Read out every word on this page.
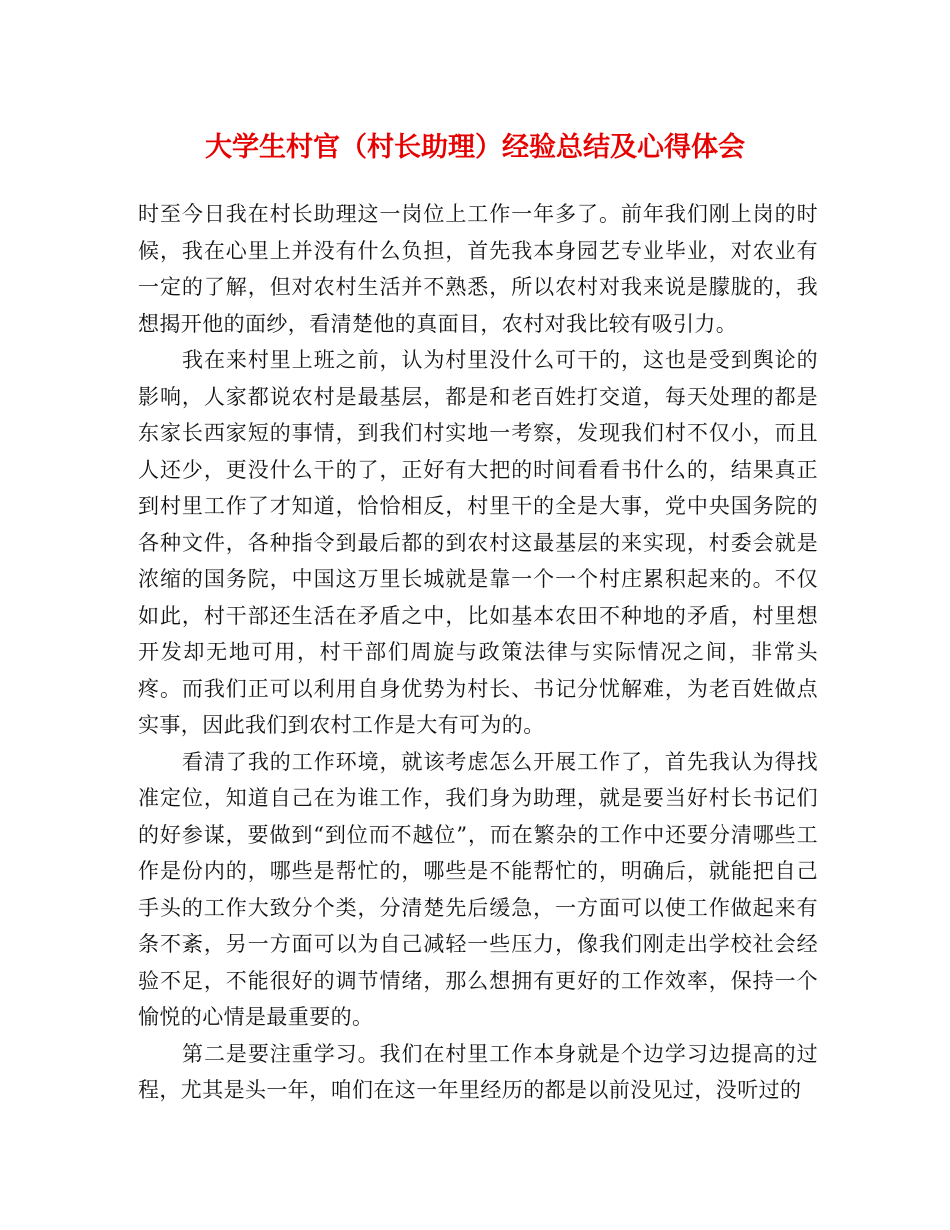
大学生村官（村长助理）经验总结及心得体会

时至今日我在村长助理这一岗位上工作一年多了。前年我们刚上岗的时候，我在心里上并没有什么负担，首先我本身园艺专业毕业，对农业有一定的了解，但对农村生活并不熟悉，所以农村对我来说是朦胧的，我想揭开他的面纱，看清楚他的真面目，农村对我比较有吸引力。

我在来村里上班之前，认为村里没什么可干的，这也是受到舆论的影响，人家都说农村是最基层，都是和老百姓打交道，每天处理的都是东家长西家短的事情，到我们村实地一考察，发现我们村不仅小，而且人还少，更没什么干的了，正好有大把的时间看看书什么的，结果真正到村里工作了才知道，恰恰相反，村里干的全是大事，党中央国务院的各种文件，各种指令到最后都的到农村这最基层的来实现，村委会就是浓缩的国务院，中国这万里长城就是靠一个一个村庄累积起来的。不仅如此，村干部还生活在矛盾之中，比如基本农田不种地的矛盾，村里想开发却无地可用，村干部们周旋与政策法律与实际情况之间，非常头疼。而我们正可以利用自身优势为村长、书记分忧解难，为老百姓做点实事，因此我们到农村工作是大有可为的。

看清了我的工作环境，就该考虑怎么开展工作了，首先我认为得找准定位，知道自己在为谁工作，我们身为助理，就是要当好村长书记们的好参谋，要做到“到位而不越位”，而在繁杂的工作中还要分清哪些工作是份内的，哪些是帮忙的，哪些是不能帮忙的，明确后，就能把自己手头的工作大致分个类，分清楚先后缓急，一方面可以使工作做起来有条不紊，另一方面可以为自己减轻一些压力，像我们刚走出学校社会经验不足，不能很好的调节情绪，那么想拥有更好的工作效率，保持一个愉悦的心情是最重要的。

第二是要注重学习。我们在村里工作本身就是个边学习边提高的过程，尤其是头一年，咱们在这一年里经历的都是以前没见过，没听过的
